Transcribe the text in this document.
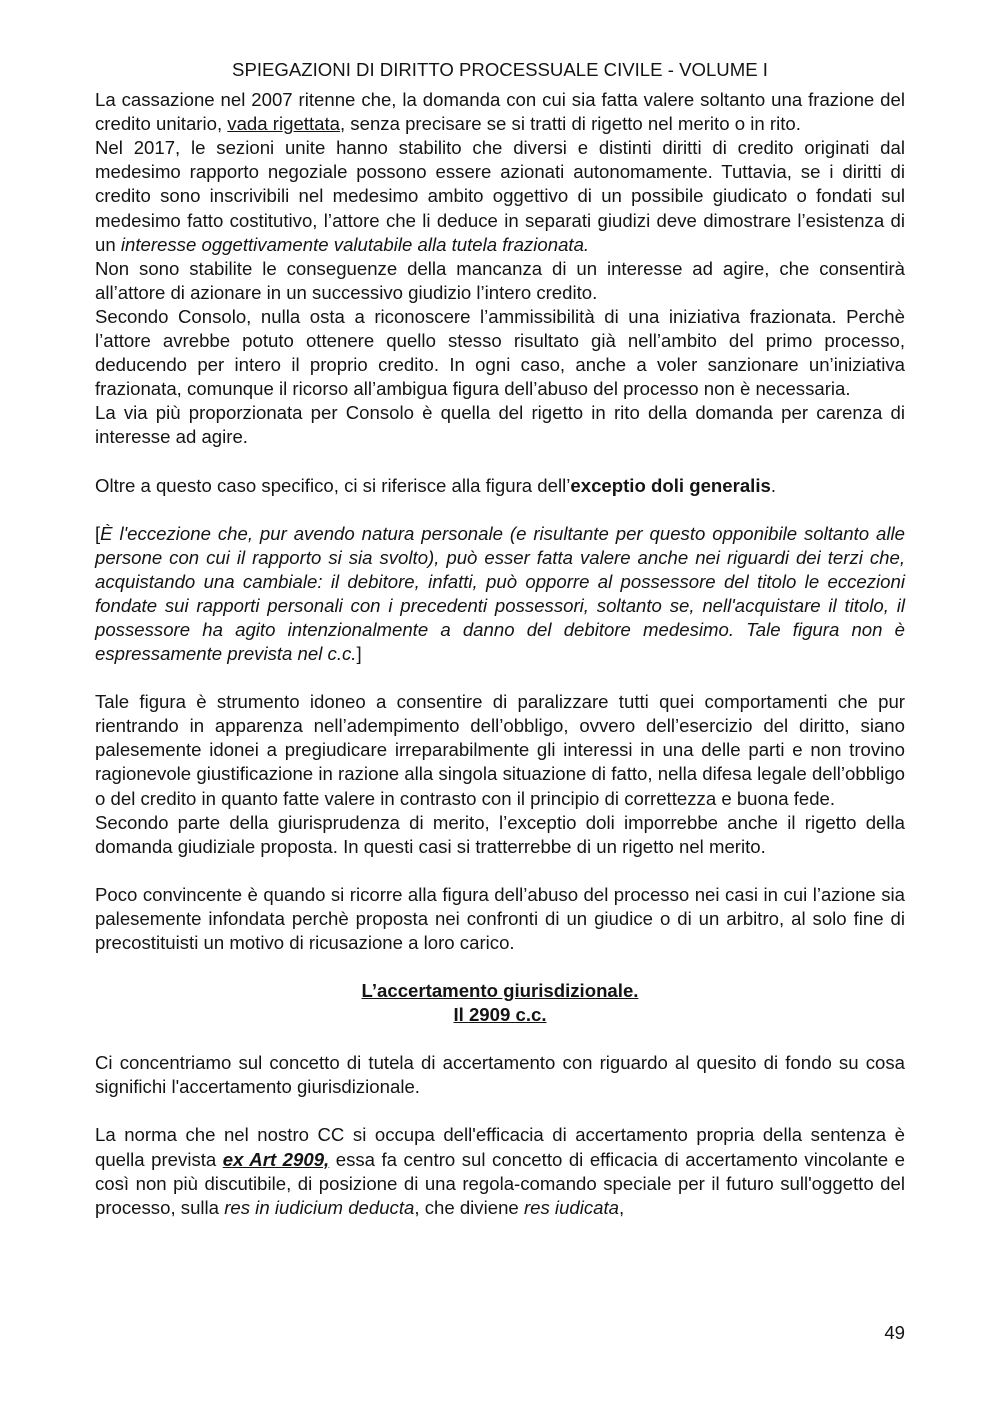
SPIEGAZIONI DI DIRITTO PROCESSUALE CIVILE - VOLUME I

La cassazione nel 2007 ritenne che, la domanda con cui sia fatta valere soltanto una frazione del credito unitario, vada rigettata, senza precisare se si tratti di rigetto nel merito o in rito.

Nel 2017, le sezioni unite hanno stabilito che diversi e distinti diritti di credito originati dal medesimo rapporto negoziale possono essere azionati autonomamente. Tuttavia, se i diritti di credito sono inscrivibili nel medesimo ambito oggettivo di un possibile giudicato o fondati sul medesimo fatto costitutivo, l’attore che li deduce in separati giudizi deve dimostrare l’esistenza di un interesse oggettivamente valutabile alla tutela frazionata.

Non sono stabilite le conseguenze della mancanza di un interesse ad agire, che consentirà all’attore di azionare in un successivo giudizio l’intero credito.

Secondo Consolo, nulla osta a riconoscere l’ammissibilità di una iniziativa frazionata. Perchè l’attore avrebbe potuto ottenere quello stesso risultato già nell’ambito del primo processo, deducendo per intero il proprio credito. In ogni caso, anche a voler sanzionare un’iniziativa frazionata, comunque il ricorso all’ambigua figura dell’abuso del processo non è necessaria.

La via più proporzionata per Consolo è quella del rigetto in rito della domanda per carenza di interesse ad agire.

Oltre a questo caso specifico, ci si riferisce alla figura dell’exceptio doli generalis.

[È l'eccezione che, pur avendo natura personale (e risultante per questo opponibile soltanto alle persone con cui il rapporto si sia svolto), può esser fatta valere anche nei riguardi dei terzi che, acquistando una cambiale: il debitore, infatti, può opporre al possessore del titolo le eccezioni fondate sui rapporti personali con i precedenti possessori, soltanto se, nell'acquistare il titolo, il possessore ha agito intenzionalmente a danno del debitore medesimo. Tale figura non è espressamente prevista nel c.c.]

Tale figura è strumento idoneo a consentire di paralizzare tutti quei comportamenti che pur rientrando in apparenza nell’adempimento dell’obbligo, ovvero dell’esercizio del diritto, siano palesemente idonei a pregiudicare irreparabilmente gli interessi in una delle parti e non trovino ragionevole giustificazione in razione alla singola situazione di fatto, nella difesa legale dell’obbligo o del credito in quanto fatte valere in contrasto con il principio di correttezza e buona fede.

Secondo parte della giurisprudenza di merito, l’exceptio doli imporrebbe anche il rigetto della domanda giudiziale proposta. In questi casi si tratterrebbe di un rigetto nel merito.

Poco convincente è quando si ricorre alla figura dell’abuso del processo nei casi in cui l’azione sia palesemente infondata perchè proposta nei confronti di un giudice o di un arbitro, al solo fine di precostituisti un motivo di ricusazione a loro carico.

L’accertamento giurisdizionale.
Il 2909 c.c.

Ci concentriamo sul concetto di tutela di accertamento con riguardo al quesito di fondo su cosa significhi l'accertamento giurisdizionale.

La norma che nel nostro CC si occupa dell'efficacia di accertamento propria della sentenza è quella prevista ex Art 2909, essa fa centro sul concetto di efficacia di accertamento vincolante e così non più discutibile, di posizione di una regola-comando speciale per il futuro sull'oggetto del processo, sulla res in iudicium deducta, che diviene res iudicata,

49
